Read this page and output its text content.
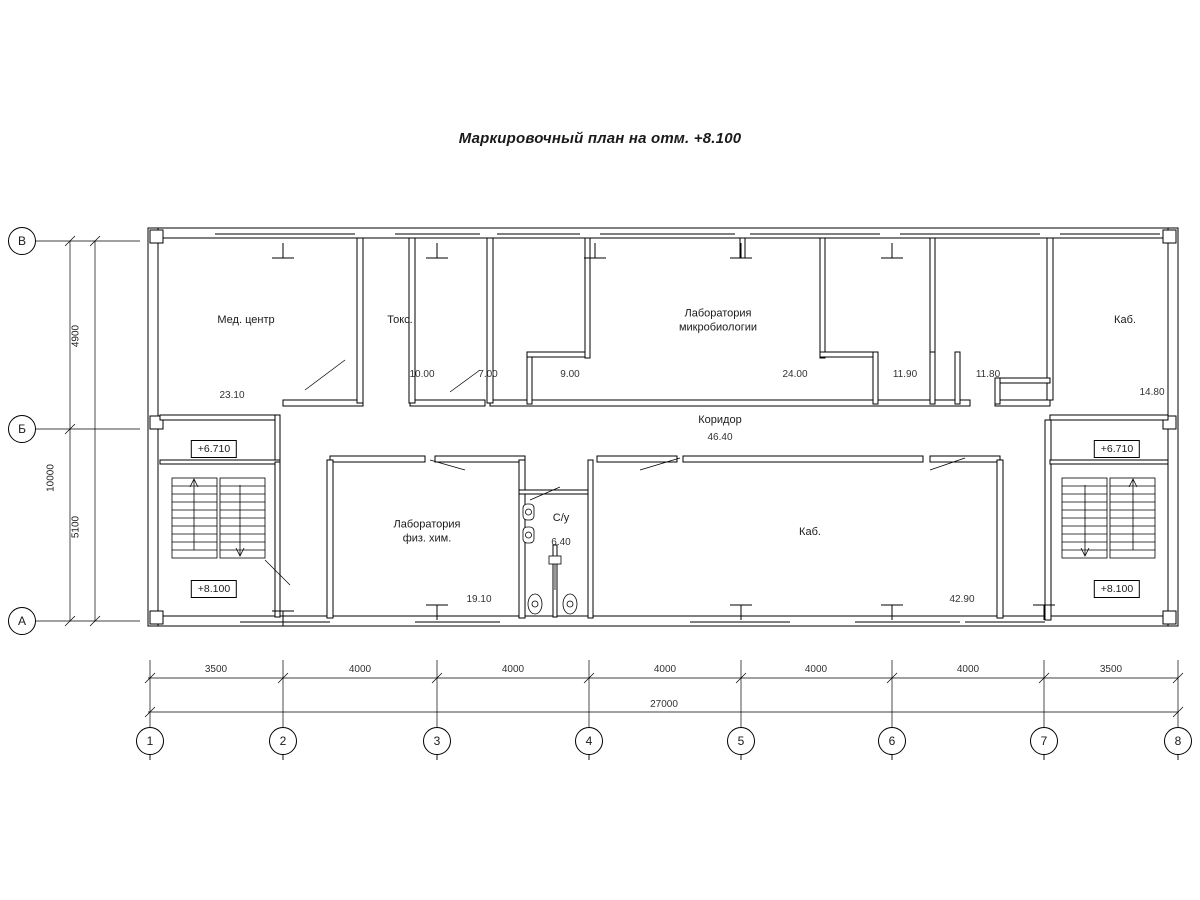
Маркировочный план на отм. +8.100
Мед. центр
23.10
Токс.
10.00	7.00	9.00
Лаборатория
микробиологии
24.00	11.90	11.80
Каб.
14.80
Коридор
46.40
Лаборатория
физ. хим.
19.10
С/у
6.40
Каб.
42.90
+6.710
+8.100
+6.710
+8.100
3500	4000	4000	4000	4000	4000	3500
27000
4900
5100
10000
1	2	3	4	5	6	7	8
В
Б
А
